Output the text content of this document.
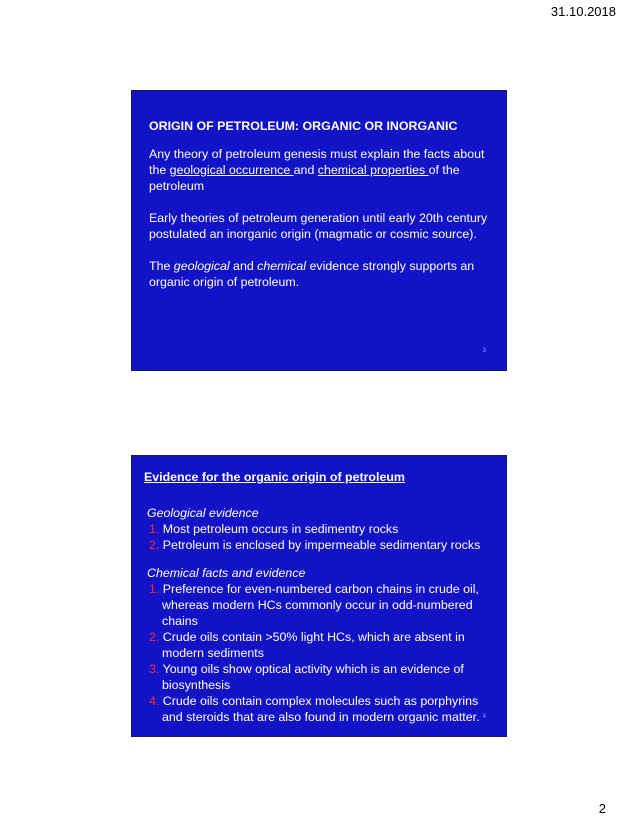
31.10.2018
ORIGIN OF PETROLEUM: ORGANIC OR INORGANIC

Any theory of petroleum genesis must explain the facts about the geological occurrence and chemical properties of the petroleum

Early theories of petroleum generation until early 20th century postulated an inorganic origin (magmatic or cosmic source).

The geological and chemical evidence strongly supports an organic origin of petroleum.

3
Evidence for the organic origin of petroleum
Geological evidence
1. Most petroleum occurs in sedimentry rocks
2. Petroleum is enclosed by impermeable sedimentary rocks
Chemical facts and evidence
1. Preference for even-numbered carbon chains in crude oil, whereas modern HCs commonly occur in odd-numbered chains
2. Crude oils contain >50% light HCs, which are absent in modern sediments
3. Young oils show optical activity which is an evidence of biosynthesis
4. Crude oils contain complex molecules such as porphyrins and steroids that are also found in modern organic matter. 4
2
